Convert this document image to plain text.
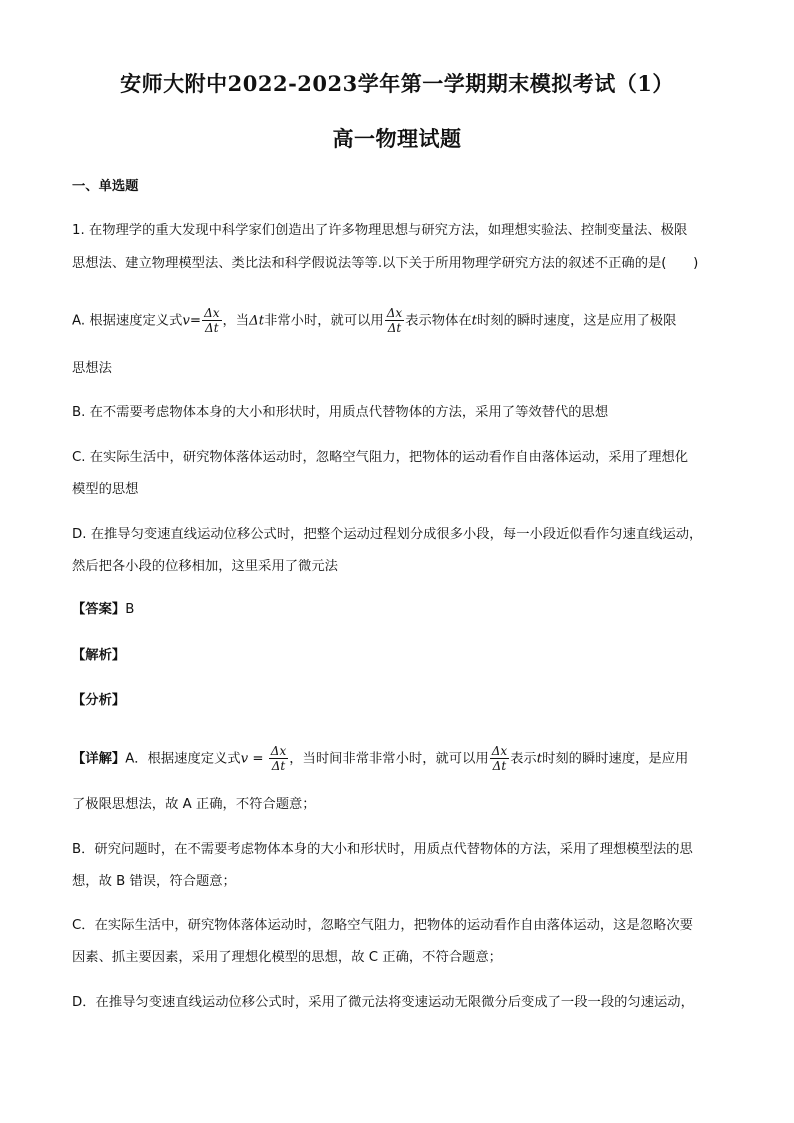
安师大附中2022-2023学年第一学期期末模拟考试（1）
高一物理试题
一、单选题
1. 在物理学的重大发现中科学家们创造出了许多物理思想与研究方法，如理想实验法、控制变量法、极限
思想法、建立物理模型法、类比法和科学假说法等等.以下关于所用物理学研究方法的叙述不正确的是(　　)
A. 根据速度定义式$v= \frac{\Delta x}{\Delta t}$ ，当Δt非常小时，就可以用 $\frac{\Delta x}{\Delta t}$ 表示物体在t时刻的瞬时速度，这是应用了极限
思想法
B. 在不需要考虑物体本身的大小和形状时，用质点代替物体的方法，采用了等效替代的思想
C. 在实际生活中，研究物体落体运动时，忽略空气阻力，把物体的运动看作自由落体运动，采用了理想化
模型的思想
D. 在推导匀变速直线运动位移公式时，把整个运动过程划分成很多小段，每一小段近似看作匀速直线运动，
然后把各小段的位移相加，这里采用了微元法
【答案】B
【解析】
【分析】
【详解】A．根据速度定义式$v = \frac{\Delta x}{\Delta t}$ ，当时间非常非常小时，就可以用 $\frac{\Delta x}{\Delta t}$ 表示t时刻的瞬时速度，是应用
了极限思想法，故 A 正确，不符合题意；
B．研究问题时，在不需要考虑物体本身的大小和形状时，用质点代替物体的方法，采用了理想模型法的思
想，故 B 错误，符合题意；
C．在实际生活中，研究物体落体运动时，忽略空气阻力，把物体的运动看作自由落体运动，这是忽略次要
因素、抓主要因素，采用了理想化模型的思想，故 C 正确，不符合题意；
D．在推导匀变速直线运动位移公式时，采用了微元法将变速运动无限微分后变成了一段一段的匀速运动，
